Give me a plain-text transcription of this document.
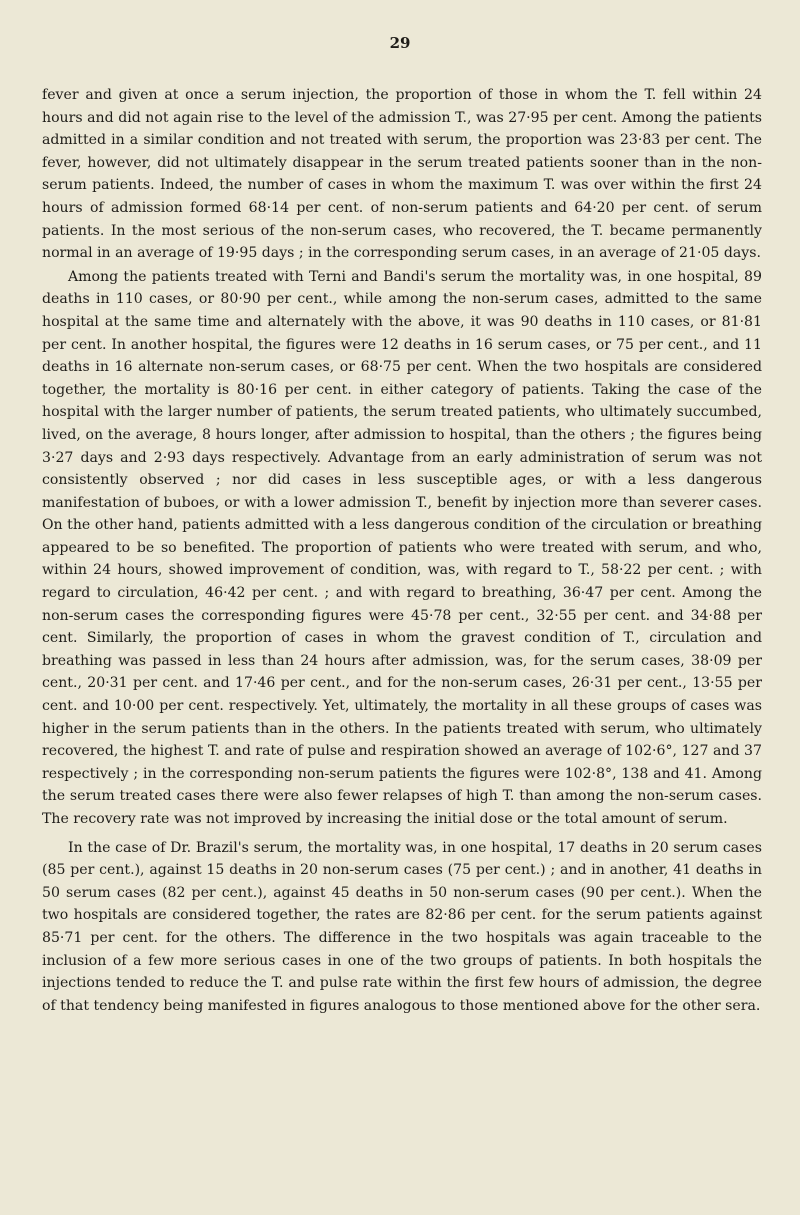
29

fever and given at once a serum injection, the proportion of those in whom the T. fell within 24 hours and did not again rise to the level of the admission T., was 27·95 per cent. Among the patients admitted in a similar condition and not treated with serum, the proportion was 23·83 per cent. The fever, however, did not ultimately disappear in the serum treated patients sooner than in the non-serum patients. Indeed, the number of cases in whom the maximum T. was over within the first 24 hours of admission formed 68·14 per cent. of non-serum patients and 64·20 per cent. of serum patients. In the most serious of the non-serum cases, who recovered, the T. became permanently normal in an average of 19·95 days ; in the corresponding serum cases, in an average of 21·05 days.

Among the patients treated with Terni and Bandi's serum the mortality was, in one hospital, 89 deaths in 110 cases, or 80·90 per cent., while among the non-serum cases, admitted to the same hospital at the same time and alternately with the above, it was 90 deaths in 110 cases, or 81·81 per cent. In another hospital, the figures were 12 deaths in 16 serum cases, or 75 per cent., and 11 deaths in 16 alternate non-serum cases, or 68·75 per cent. When the two hospitals are considered together, the mortality is 80·16 per cent. in either category of patients. Taking the case of the hospital with the larger number of patients, the serum treated patients, who ultimately succumbed, lived, on the average, 8 hours longer, after admission to hospital, than the others ; the figures being 3·27 days and 2·93 days respectively. Advantage from an early administration of serum was not consistently observed ; nor did cases in less susceptible ages, or with a less dangerous manifestation of buboes, or with a lower admission T., benefit by injection more than severer cases. On the other hand, patients admitted with a less dangerous condition of the circulation or breathing appeared to be so benefited. The proportion of patients who were treated with serum, and who, within 24 hours, showed improvement of condition, was, with regard to T., 58·22 per cent. ; with regard to circulation, 46·42 per cent. ; and with regard to breathing, 36·47 per cent. Among the non-serum cases the corresponding figures were 45·78 per cent., 32·55 per cent. and 34·88 per cent. Similarly, the proportion of cases in whom the gravest condition of T., circulation and breathing was passed in less than 24 hours after admission, was, for the serum cases, 38·09 per cent., 20·31 per cent. and 17·46 per cent., and for the non-serum cases, 26·31 per cent., 13·55 per cent. and 10·00 per cent. respectively. Yet, ultimately, the mortality in all these groups of cases was higher in the serum patients than in the others. In the patients treated with serum, who ultimately recovered, the highest T. and rate of pulse and respiration showed an average of 102·6°, 127 and 37 respectively ; in the corresponding non-serum patients the figures were 102·8°, 138 and 41. Among the serum treated cases there were also fewer relapses of high T. than among the non-serum cases. The recovery rate was not improved by increasing the initial dose or the total amount of serum.

In the case of Dr. Brazil's serum, the mortality was, in one hospital, 17 deaths in 20 serum cases (85 per cent.), against 15 deaths in 20 non-serum cases (75 per cent.) ; and in another, 41 deaths in 50 serum cases (82 per cent.), against 45 deaths in 50 non-serum cases (90 per cent.). When the two hospitals are considered together, the rates are 82·86 per cent. for the serum patients against 85·71 per cent. for the others. The difference in the two hospitals was again traceable to the inclusion of a few more serious cases in one of the two groups of patients. In both hospitals the injections tended to reduce the T. and pulse rate within the first few hours of admission, the degree of that tendency being manifested in figures analogous to those mentioned above for the other sera.
